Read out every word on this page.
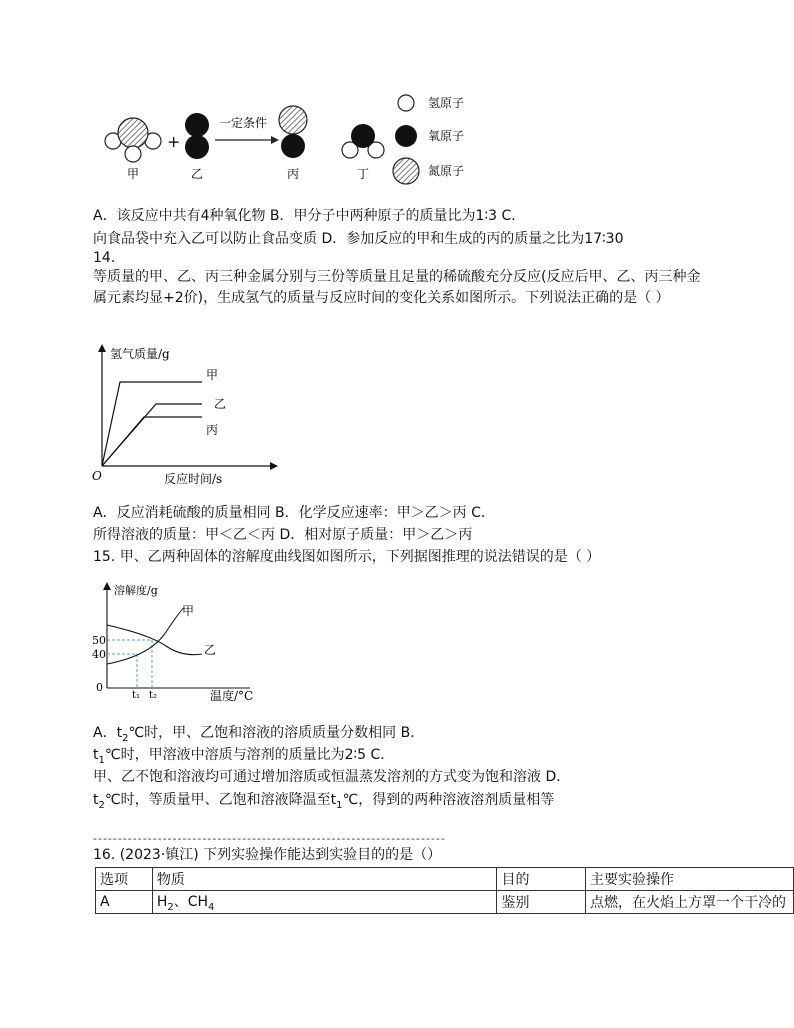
+
一定条件
甲	乙	丙	丁
氢原子
氧原子
氮原子
A．该反应中共有4种氧化物 B．甲分子中两种原子的质量比为1∶3 C．
向食品袋中充入乙可以防止食品变质 D．参加反应的甲和生成的丙的质量之比为17∶30
14.
等质量的甲、乙、丙三种金属分别与三份等质量且足量的稀硫酸充分反应(反应后甲、乙、丙三种金属元素均显+2价)，生成氢气的质量与反应时间的变化关系如图所示。下列说法正确的是（ ）
氢气质量/g
反应时间/s
O
甲
乙
丙
A．反应消耗硫酸的质量相同 B．化学反应速率：甲＞乙＞丙 C．
所得溶液的质量：甲＜乙＜丙 D．相对原子质量：甲＞乙＞丙
15. 甲、乙两种固体的溶解度曲线图如图所示，下列据图推理的说法错误的是（ ）
溶解度/g
温度/°C
0
50
40
t₁ t₂
甲
乙
A．$t_2℃$时，甲、乙饱和溶液的溶质质量分数相同 B．
$t_1℃$时，甲溶液中溶质与溶剂的质量比为2∶5 C．
甲、乙不饱和溶液均可通过增加溶质或恒温蒸发溶剂的方式变为饱和溶液 D．
$t_2℃$时，等质量甲、乙饱和溶液降温至$t_1℃$，得到的两种溶液溶剂质量相等
-----------------------------------------------------------------------
16. (2023·镇江) 下列实验操作能达到实验目的的是（）
选项	物质	目的	主要实验操作
A	$H_2$、$CH_4$	鉴别	点燃，在火焰上方罩一个干冷的
